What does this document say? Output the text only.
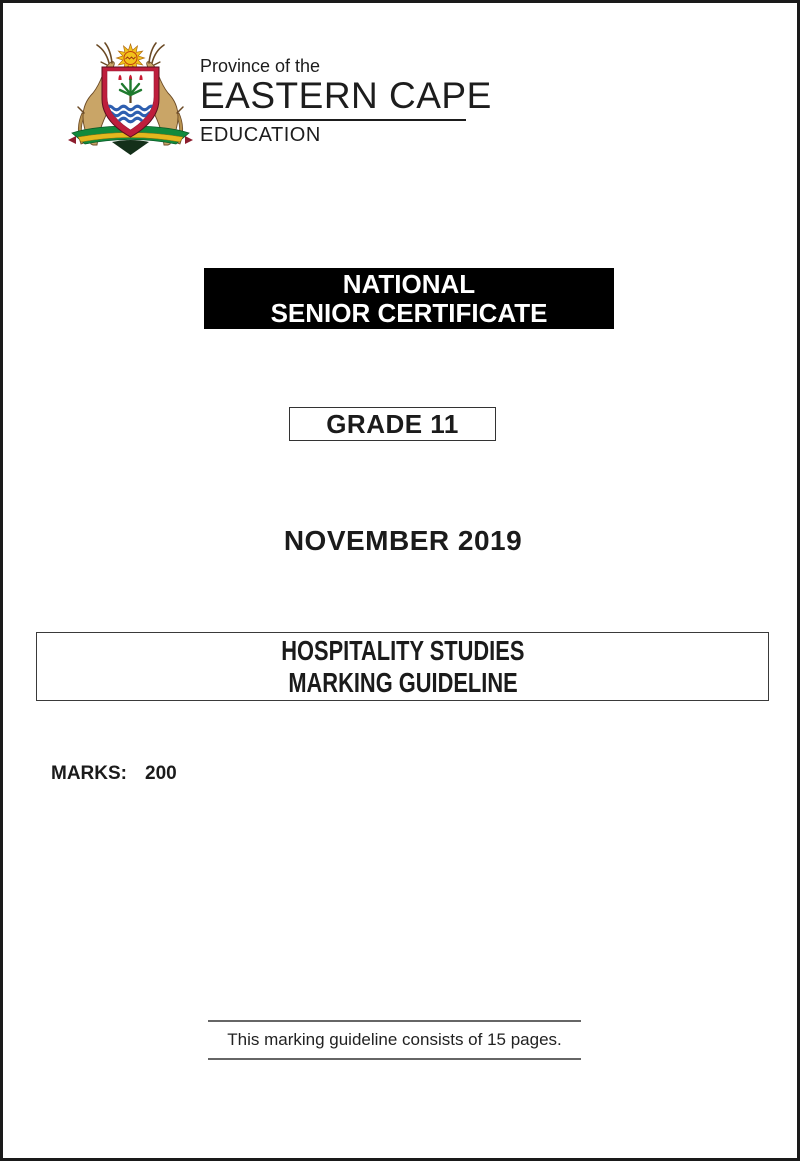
Province of the
EASTERN CAPE
EDUCATION
NATIONAL
SENIOR CERTIFICATE
GRADE 11
NOVEMBER 2019
HOSPITALITY STUDIES
MARKING GUIDELINE
MARKS: 200
This marking guideline consists of 15 pages.
